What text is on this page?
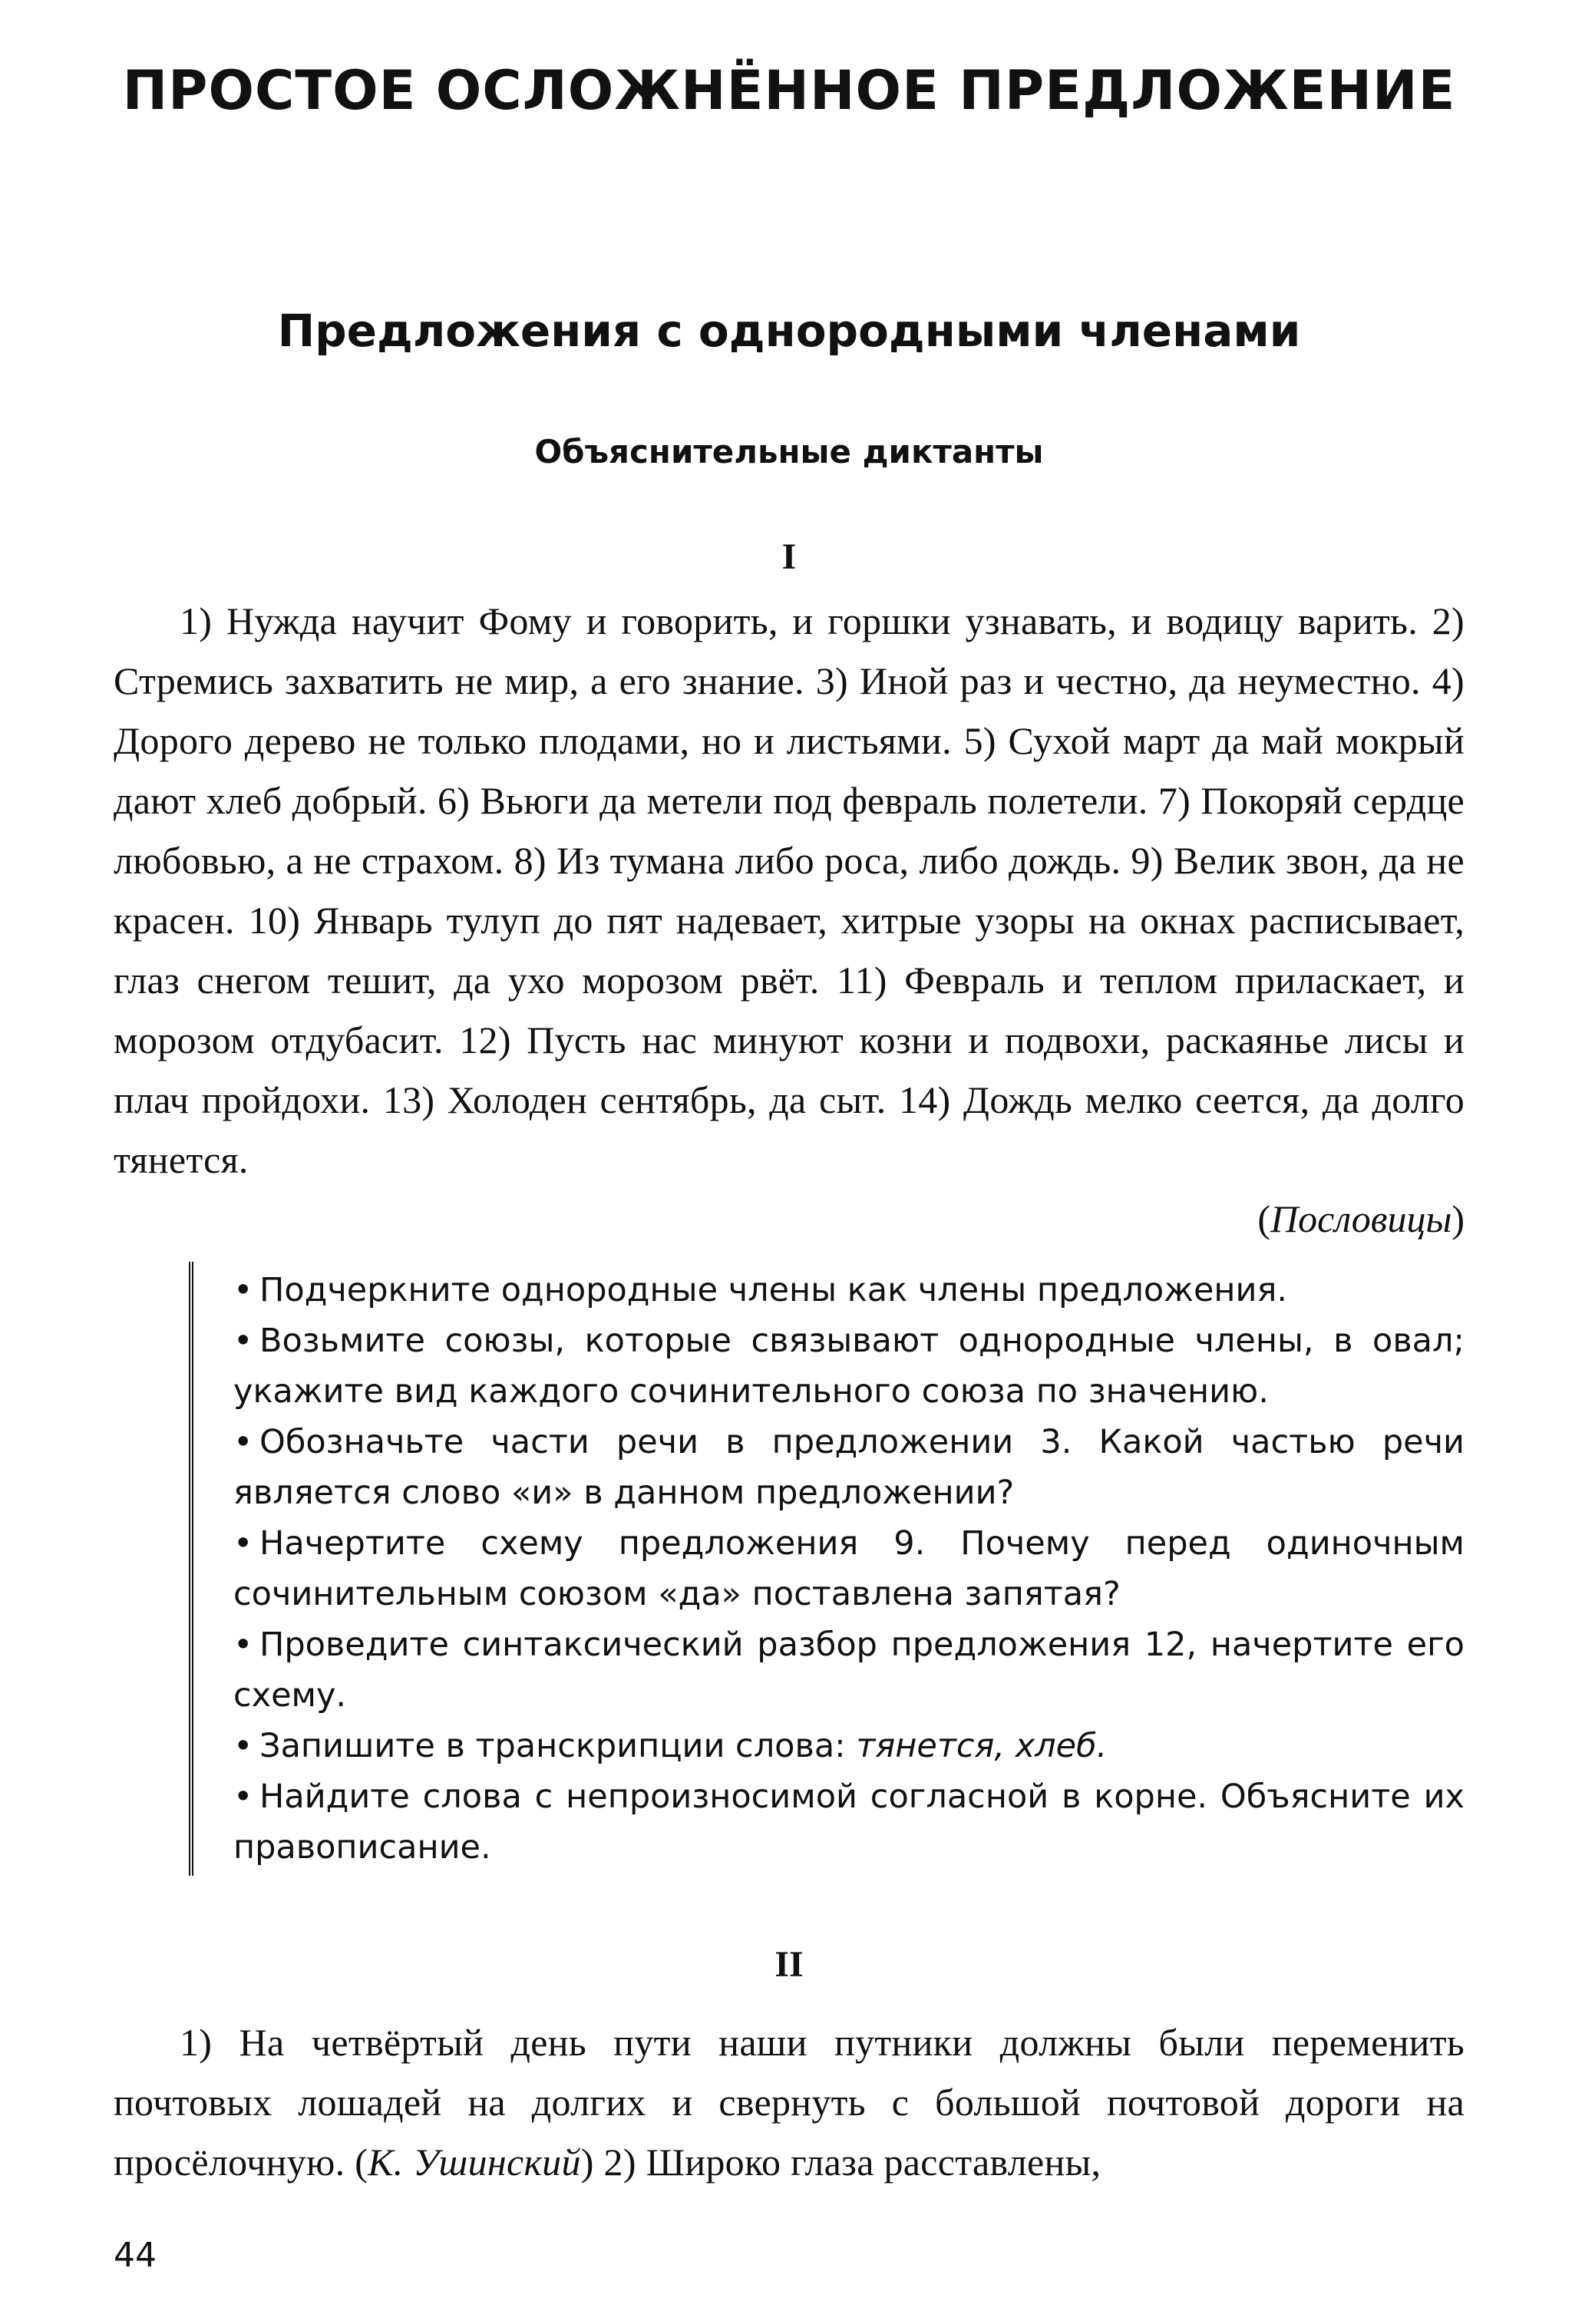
ПРОСТОЕ ОСЛОЖНЁННОЕ ПРЕДЛОЖЕНИЕ
Предложения с однородными членами
Объяснительные диктанты
I

1) Нужда научит Фому и говорить, и горшки узнавать, и водицу варить. 2) Стремись захватить не мир, а его знание. 3) Иной раз и честно, да неуместно. 4) Дорого дерево не только плодами, но и листьями. 5) Сухой март да май мокрый дают хлеб добрый. 6) Вьюги да метели под февраль полетели. 7) Покоряй сердце любовью, а не страхом. 8) Из тумана либо роса, либо дождь. 9) Велик звон, да не красен. 10) Январь тулуп до пят надевает, хитрые узоры на окнах расписывает, глаз снегом тешит, да ухо морозом рвёт. 11) Февраль и теплом приласкает, и морозом отдубасит. 12) Пусть нас минуют козни и подвохи, раскаянье лисы и плач пройдохи. 13) Холоден сентябрь, да сыт. 14) Дождь мелко сеется, да долго тянется.

(Пословицы)

• Подчеркните однородные члены как члены предложения.

• Возьмите союзы, которые связывают однородные члены, в овал; укажите вид каждого сочинительного союза по значению.

• Обозначьте части речи в предложении 3. Какой частью речи является слово «и» в данном предложении?

• Начертите схему предложения 9. Почему перед одиночным сочинительным союзом «да» поставлена запятая?

• Проведите синтаксический разбор предложения 12, начертите его схему.

• Запишите в транскрипции слова: тянется, хлеб.

• Найдите слова с непроизносимой согласной в корне. Объясните их правописание.

II

1) На четвёртый день пути наши путники должны были переменить почтовых лошадей на долгих и свернуть с большой почтовой дороги на просёлочную. (К. Ушинский) 2) Широко глаза расставлены,

44
